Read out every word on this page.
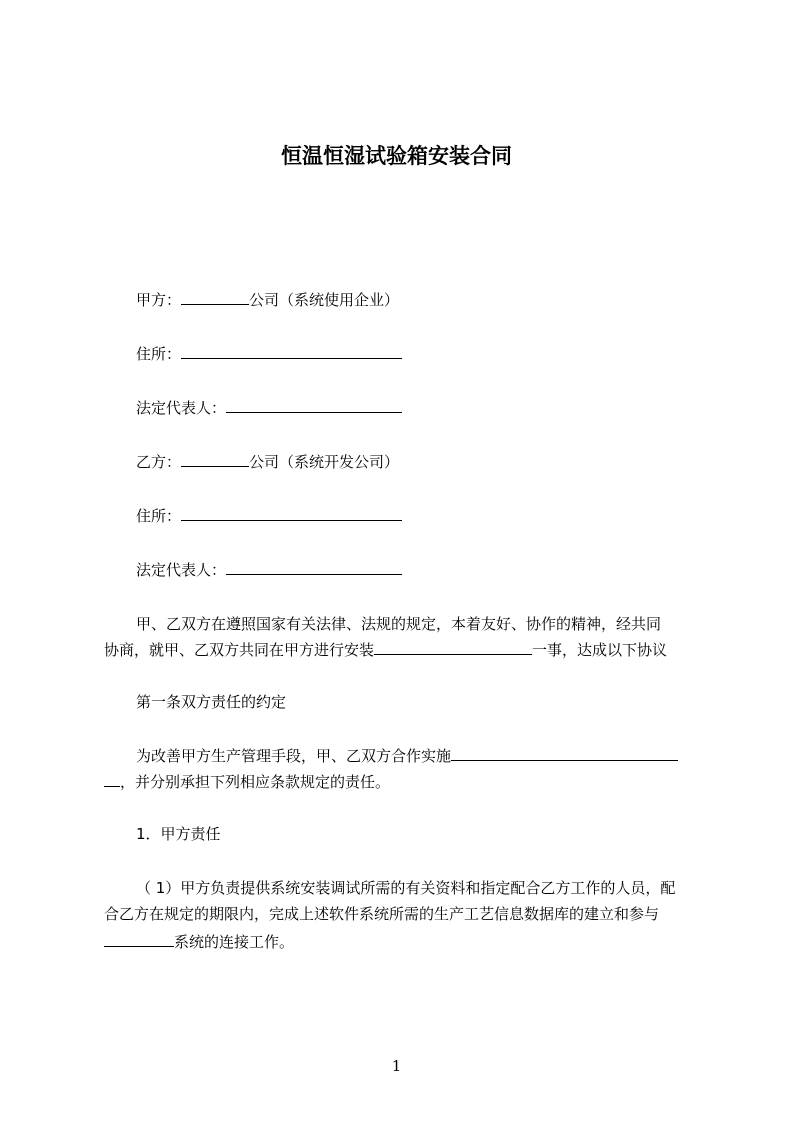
恒温恒湿试验箱安装合同
甲方：	公司（系统使用企业）
住所：
法定代表人：
乙方：	公司（系统开发公司）
住所：
法定代表人：
甲、乙双方在遵照国家有关法律、法规的规定，本着友好、协作的精神，经共同
协商，就甲、乙双方共同在甲方进行安装	一事，达成以下协议
第一条双方责任的约定
为改善甲方生产管理手段，甲、乙双方合作实施
，并分别承担下列相应条款规定的责任。
1．甲方责任
（ 1）甲方负责提供系统安装调试所需的有关资料和指定配合乙方工作的人员，配
合乙方在规定的期限内，完成上述软件系统所需的生产工艺信息数据库的建立和参与
系统的连接工作。
1
